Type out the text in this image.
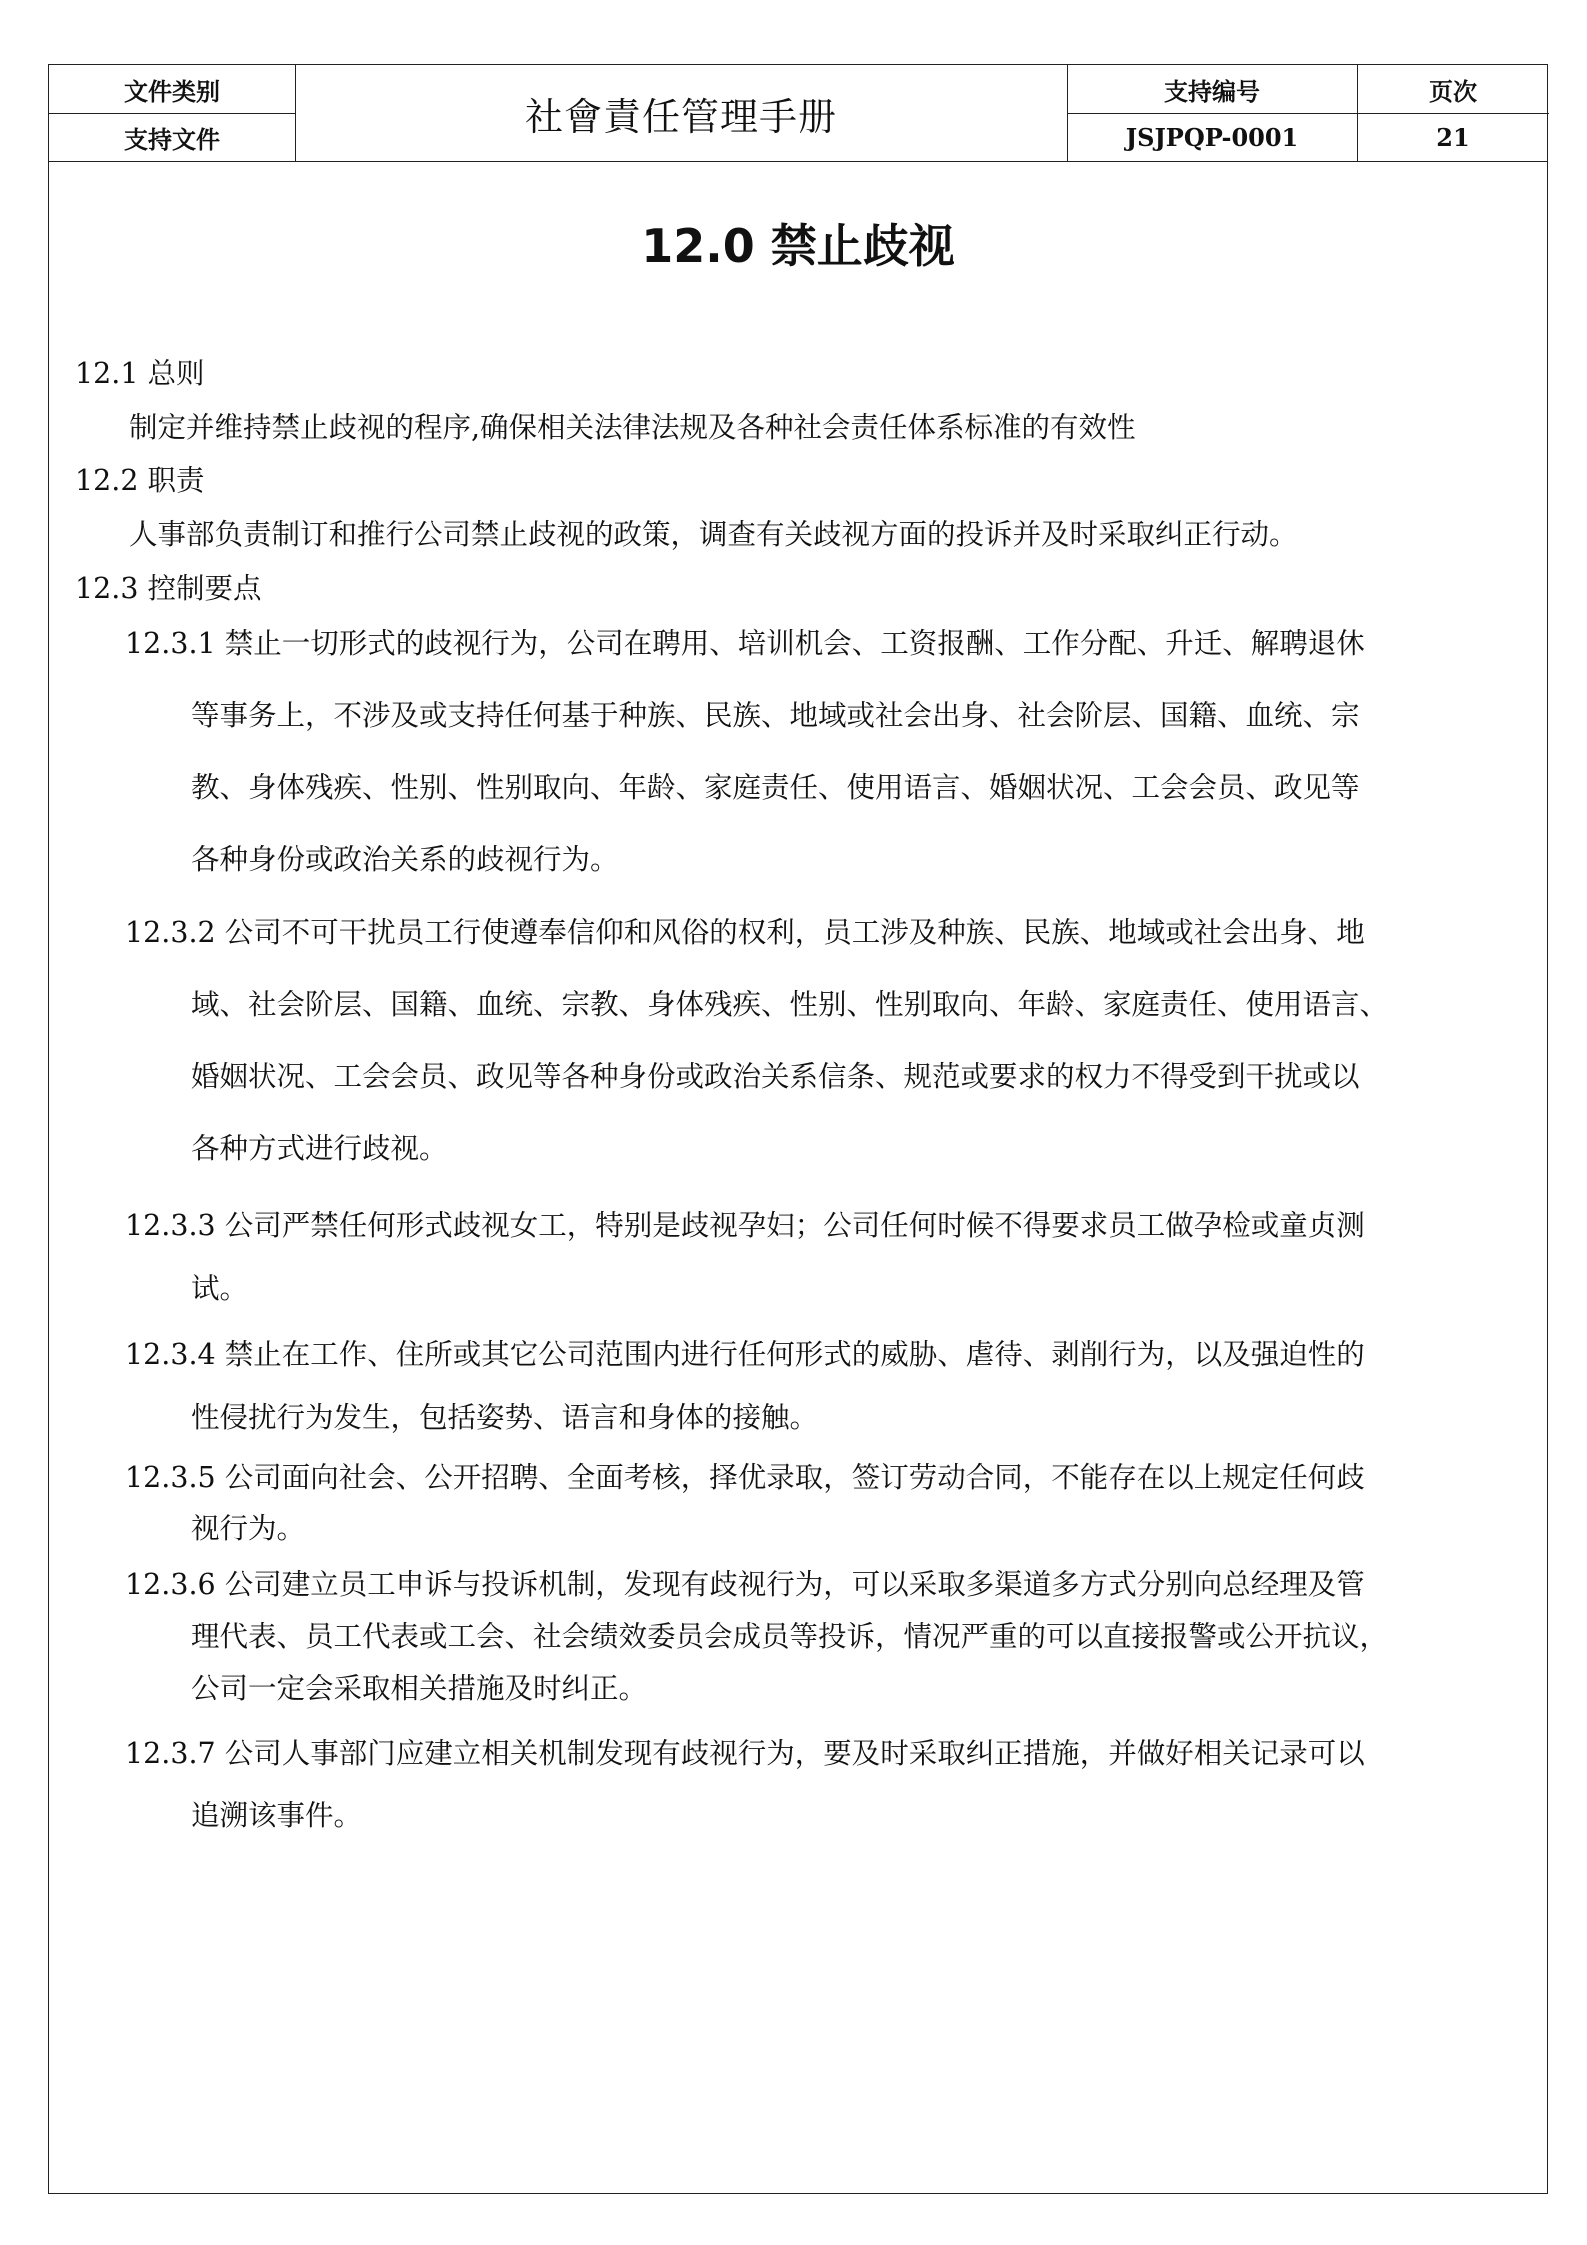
文件类别
支持文件
社會責任管理手册
支持编号
JSJPQP-0001
页次
21
12.0 禁止歧视
12.1 总则
制定并维持禁止歧视的程序,确保相关法律法规及各种社会责任体系标准的有效性
12.2 职责
人事部负责制订和推行公司禁止歧视的政策，调查有关歧视方面的投诉并及时采取纠正行动。
12.3 控制要点
12.3.1 禁止一切形式的歧视行为，公司在聘用、培训机会、工资报酬、工作分配、升迁、解聘退休
等事务上，不涉及或支持任何基于种族、民族、地域或社会出身、社会阶层、国籍、血统、宗
教、身体残疾、性别、性别取向、年龄、家庭责任、使用语言、婚姻状况、工会会员、政见等
各种身份或政治关系的歧视行为。
12.3.2 公司不可干扰员工行使遵奉信仰和风俗的权利，员工涉及种族、民族、地域或社会出身、地
域、社会阶层、国籍、血统、宗教、身体残疾、性别、性别取向、年龄、家庭责任、使用语言、
婚姻状况、工会会员、政见等各种身份或政治关系信条、规范或要求的权力不得受到干扰或以
各种方式进行歧视。
12.3.3 公司严禁任何形式歧视女工，特别是歧视孕妇；公司任何时候不得要求员工做孕检或童贞测
试。
12.3.4 禁止在工作、住所或其它公司范围内进行任何形式的威胁、虐待、剥削行为，以及强迫性的
性侵扰行为发生，包括姿势、语言和身体的接触。
12.3.5 公司面向社会、公开招聘、全面考核，择优录取，签订劳动合同，不能存在以上规定任何歧
视行为。
12.3.6 公司建立员工申诉与投诉机制，发现有歧视行为，可以采取多渠道多方式分别向总经理及管
理代表、员工代表或工会、社会绩效委员会成员等投诉，情况严重的可以直接报警或公开抗议，
公司一定会采取相关措施及时纠正。
12.3.7 公司人事部门应建立相关机制发现有歧视行为，要及时采取纠正措施，并做好相关记录可以
追溯该事件。
